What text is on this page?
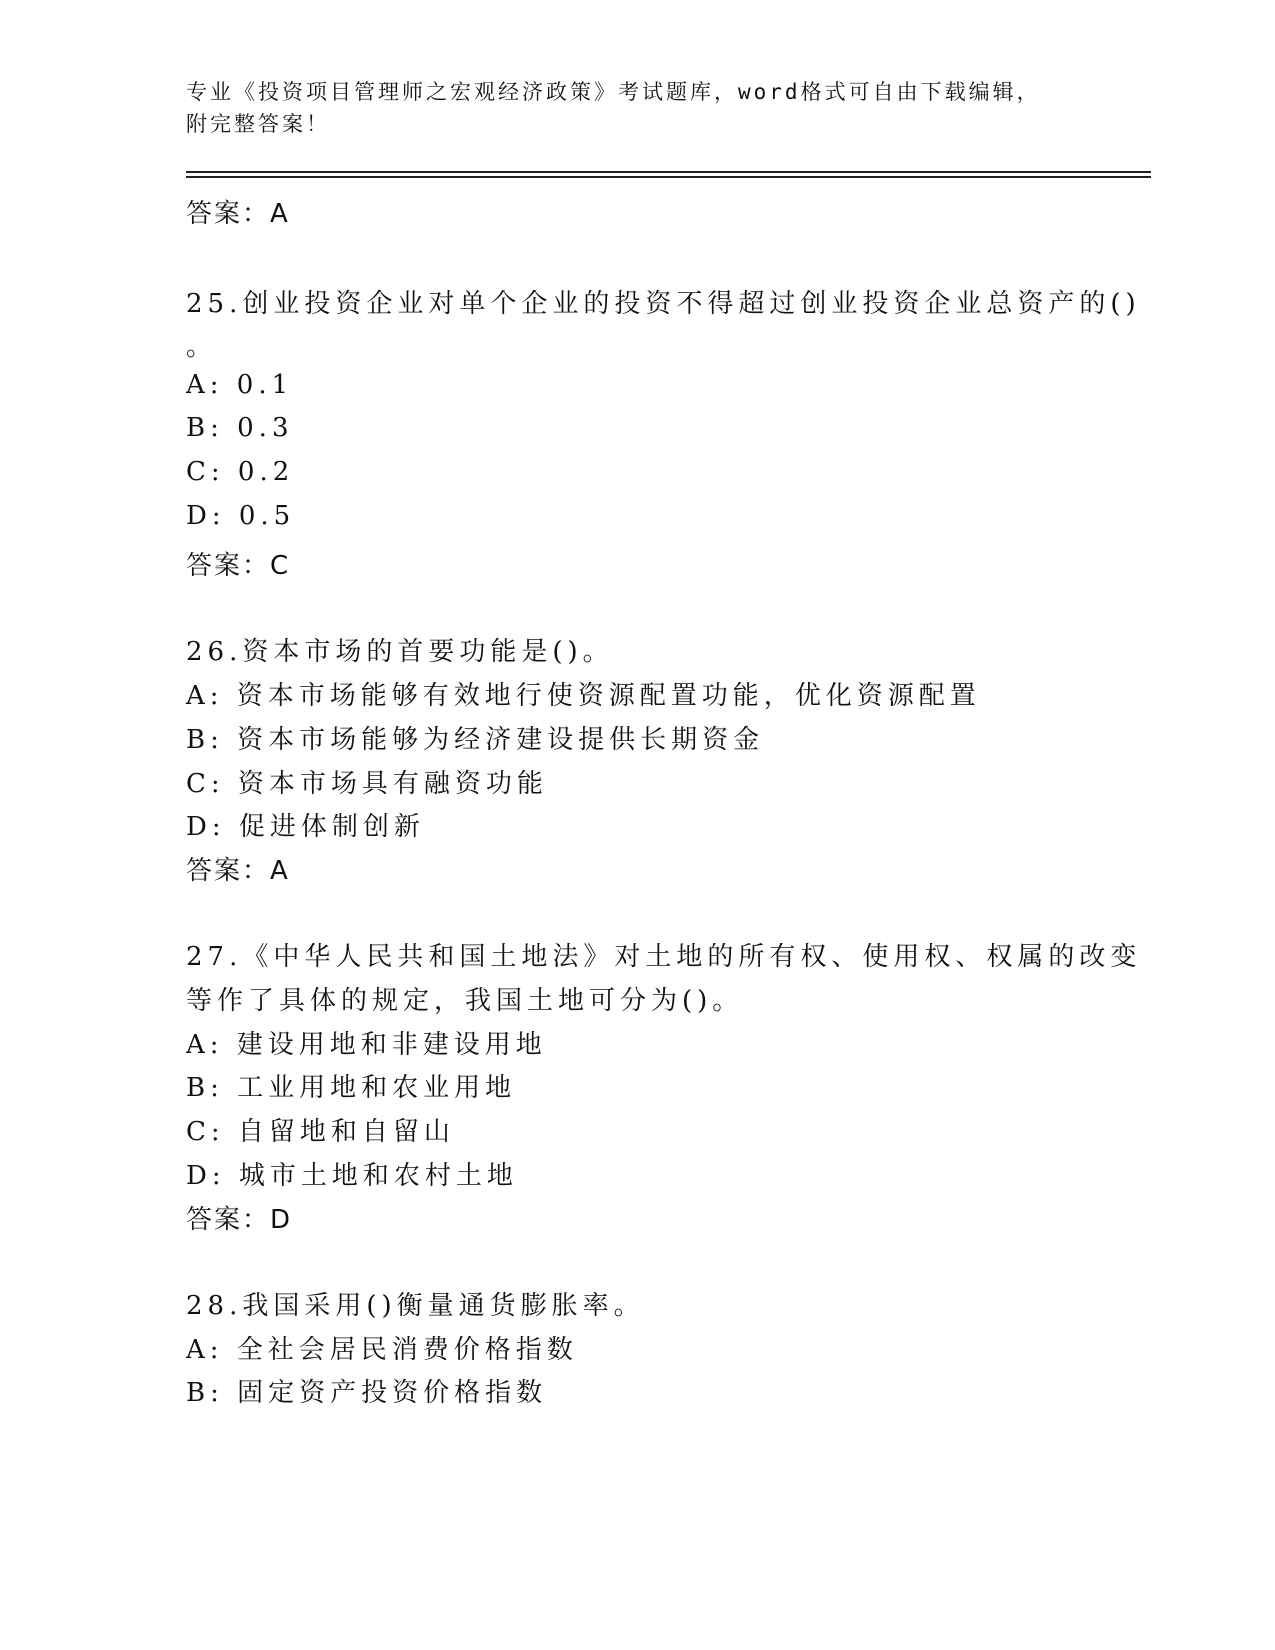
专业《投资项目管理师之宏观经济政策》考试题库，word格式可自由下载编辑，
附完整答案！
答案：A
25.创业投资企业对单个企业的投资不得超过创业投资企业总资产的()
。
A: 0.1
B: 0.3
C: 0.2
D: 0.5
答案：C
26.资本市场的首要功能是()。
A: 资本市场能够有效地行使资源配置功能，优化资源配置
B: 资本市场能够为经济建设提供长期资金
C: 资本市场具有融资功能
D: 促进体制创新
答案：A
27.《中华人民共和国土地法》对土地的所有权、使用权、权属的改变
等作了具体的规定，我国土地可分为()。
A: 建设用地和非建设用地
B: 工业用地和农业用地
C: 自留地和自留山
D: 城市土地和农村土地
答案：D
28.我国采用()衡量通货膨胀率。
A: 全社会居民消费价格指数
B: 固定资产投资价格指数
